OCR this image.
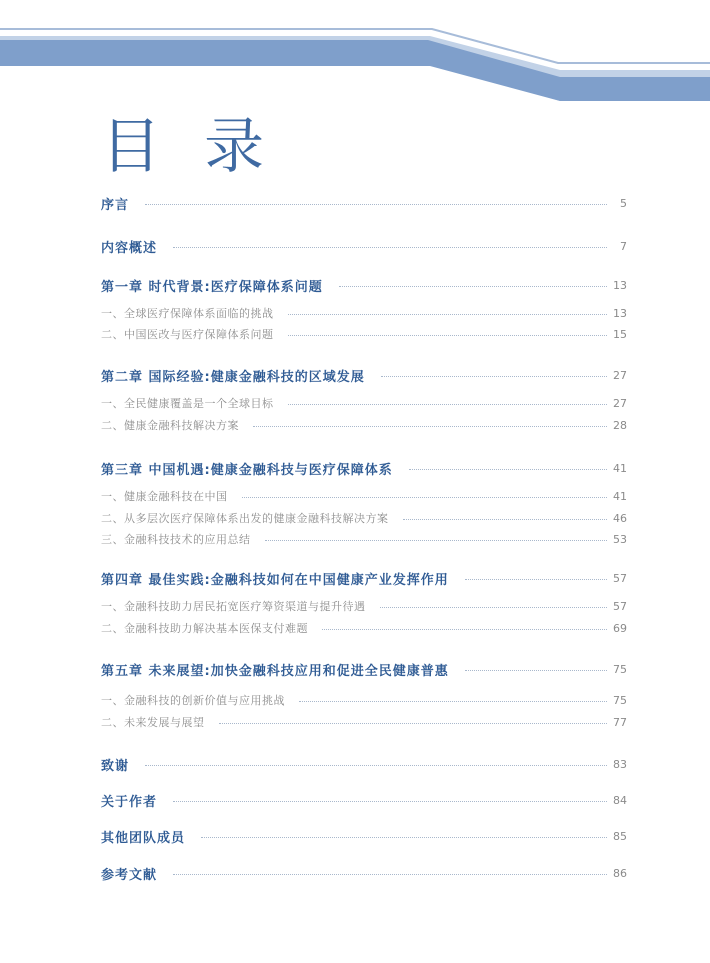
目 录
序言	5
内容概述	7
第一章 时代背景:医疗保障体系问题	13
一、全球医疗保障体系面临的挑战	13
二、中国医改与医疗保障体系问题	15
第二章 国际经验:健康金融科技的区域发展	27
一、全民健康覆盖是一个全球目标	27
二、健康金融科技解决方案	28
第三章 中国机遇:健康金融科技与医疗保障体系	41
一、健康金融科技在中国	41
二、从多层次医疗保障体系出发的健康金融科技解决方案	46
三、金融科技技术的应用总结	53
第四章 最佳实践:金融科技如何在中国健康产业发挥作用	57
一、金融科技助力居民拓宽医疗筹资渠道与提升待遇	57
二、金融科技助力解决基本医保支付难题	69
第五章 未来展望:加快金融科技应用和促进全民健康普惠	75
一、金融科技的创新价值与应用挑战	75
二、未来发展与展望	77
致谢	83
关于作者	84
其他团队成员	85
参考文献	86
